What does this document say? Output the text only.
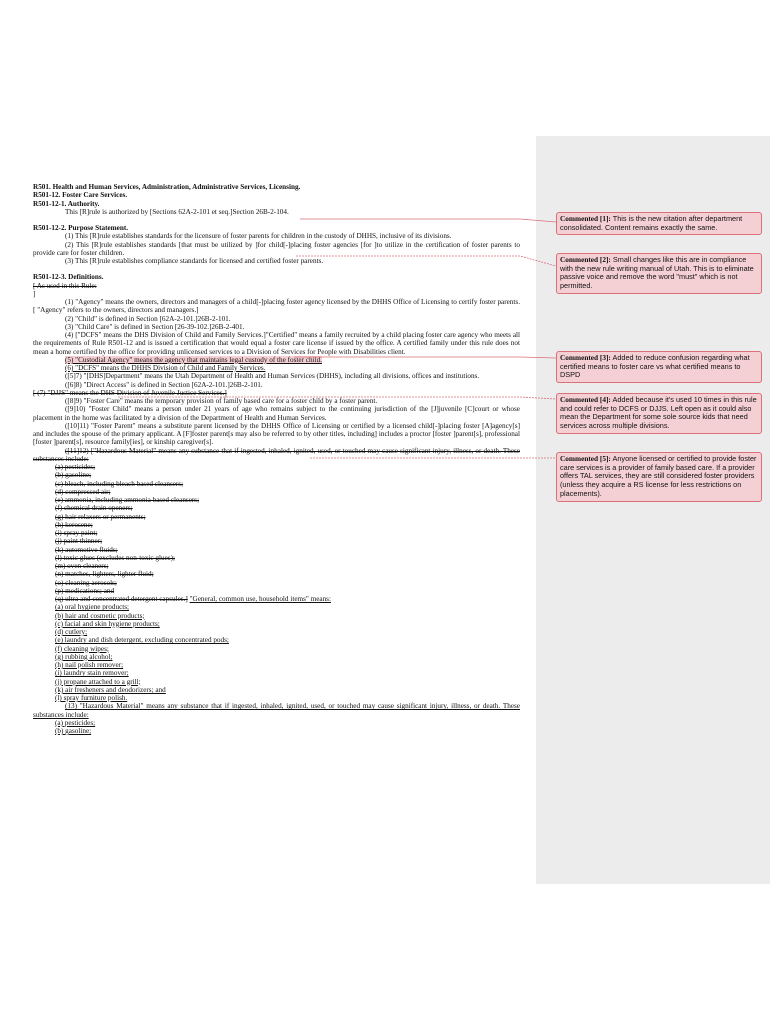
R501. Health and Human Services, Administration, Administrative Services, Licensing.

R501-12. Foster Care Services.

R501-12-1. Authority.

This [R]rule is authorized by [Sections 62A-2-101 et seq.]Section 26B-2-104.

R501-12-2. Purpose Statement.

(1) This [R]rule establishes standards for the licensure of foster parents for children in the custody of DHHS, inclusive of its divisions.

(2) This [R]rule establishes standards [that must be utilized by ]for child[-]placing foster agencies [for ]to utilize in the certification of foster parents to provide care for foster children.

(3) This [R]rule establishes compliance standards for licensed and certified foster parents.

R501-12-3. Definitions.

[ As used in this Rule:

]

(1) "Agency" means the owners, directors and managers of a child[-]placing foster agency licensed by the DHHS Office of Licensing to certify foster parents.[ "Agency" refers to the owners, directors and managers.]

(2) "Child" is defined in Section [62A-2-101.]26B-2-101.

(3) "Child Care" is defined in Section [26-39-102.]26B-2-401.

(4) ["DCFS" means the DHS Division of Child and Family Services.]"Certified" means a family recruited by a child placing foster care agency who meets all the requirements of Rule R501-12 and is issued a certification that would equal a foster care license if issued by the office. A certified family under this rule does not mean a home certified by the office for providing unlicensed services to a Division of Services for People with Disabilities client.

(5) "Custodial Agency" means the agency that maintains legal custody of the foster child.

(6) "DCFS" means the DHHS Division of Child and Family Services.

([5]7) "[DHS]Department" means the Utah Department of Health and Human Services (DHHS), including all divisions, offices and institutions.

([6]8) "Direct Access" is defined in Section [62A-2-101.]26B-2-101.

[ (7) "DJJS" means the DHS Division of Juvenile Justice Services.]

([8]9) "Foster Care" means the temporary provision of family based care for a foster child by a foster parent.

([9]10) "Foster Child" means a person under 21 years of age who remains subject to the continuing jurisdiction of the [J]juvenile [C]court or whose placement in the home was facilitated by a division of the Department of Health and Human Services.

([10]11) "Foster Parent" means a substitute parent licensed by the DHHS Office of Licensing or certified by a licensed child[-]placing foster [A]agency[s] and includes the spouse of the primary applicant. A [F]foster parent[s may also be referred to by other titles, including] includes a proctor [foster ]parent[s], professional [foster ]parent[s], resource family[ies], or kinship caregiver[s].

([11]12) ["Hazardous Material" means any substance that if ingested, inhaled, ignited, used, or touched may cause significant injury, illness, or death. These substances include:

(a) pesticides;

(b) gasoline;

(c) bleach, including bleach based cleansers;

(d) compressed air;

(e) ammonia, including ammonia based cleansers;

(f) chemical drain openers;

(g) hair relaxers or permanents;

(h) kerosene;

(i) spray paint;

(j) paint thinner;

(k) automotive fluids;

(l) toxic glues (excludes non-toxic glues);

(m) oven cleaners;

(n) matches, lighters, lighter fluid;

(o) cleaning aerosols;

(p) medications; and

(q) ultra and concentrated detergent capsules.] "General, common use, household items" means:

(a) oral hygiene products;

(b) hair and cosmetic products;

(c) facial and skin hygiene products;

(d) cutlery;

(e) laundry and dish detergent, excluding concentrated pods;

(f) cleaning wipes;

(g) rubbing alcohol;

(h) nail polish remover;

(i) laundry stain remover;

(j) propane attached to a grill;

(k) air fresheners and deodorizers; and

(l) spray furniture polish.

(13) "Hazardous Material" means any substance that if ingested, inhaled, ignited, used, or touched may cause significant injury, illness, or death. These substances include:

(a) pesticides;

(b) gasoline;

Commented [1]: This is the new citation after department consolidated. Content remains exactly the same.
Commented [2]: Small changes like this are in compliance with the new rule writing manual of Utah. This is to eliminate passive voice and remove the word "must" which is not permitted.
Commented [3]: Added to reduce confusion regarding what certified means to foster care vs what certified means to DSPD
Commented [4]: Added because it's used 10 times in this rule and could refer to DCFS or DJJS. Left open as it could also mean the Department for some sole source kids that need services across multiple divisions.
Commented [5]: Anyone licensed or certified to provide foster care services is a provider of family based care. If a provider offers TAL services, they are still considered foster providers (unless they acquire a RS license for less restrictions on placements).
